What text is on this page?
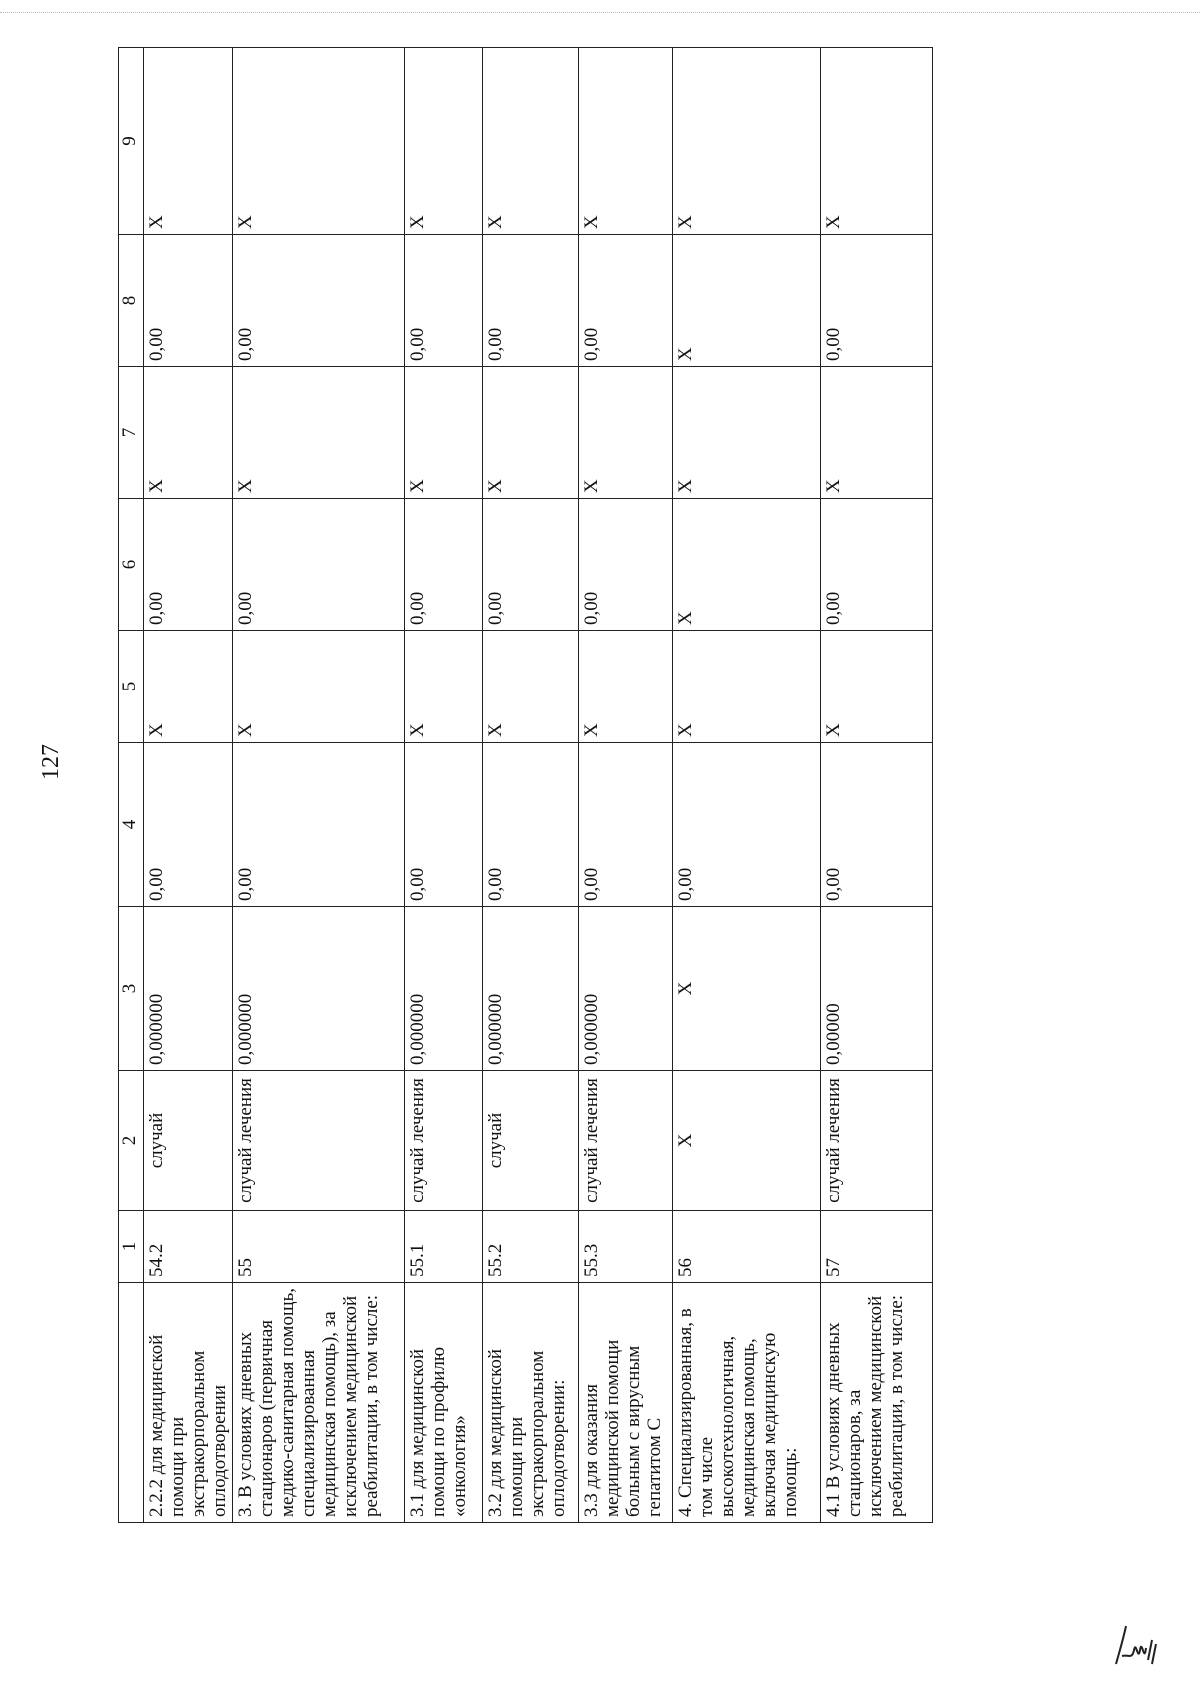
127
	1	2	3	4	5	6	7	8	9
2.2.2 для медицинской помощи при экстракорпоральном оплодотворении	54.2	случай	0,000000	0,00	X	0,00	X	0,00	X
3. В условиях дневных стационаров (первичная медико-санитарная помощь, специализированная медицинская помощь), за исключением медицинской реабилитации, в том числе:	55	случай лечения	0,000000	0,00	X	0,00	X	0,00	X
3.1 для медицинской помощи по профилю «онкология»	55.1	случай лечения	0,000000	0,00	X	0,00	X	0,00	X
3.2 для медицинской помощи при экстракорпоральном оплодотворении:	55.2	случай	0,000000	0,00	X	0,00	X	0,00	X
3.3 для оказания медицинской помощи больным с вирусным гепатитом С	55.3	случай лечения	0,000000	0,00	X	0,00	X	0,00	X
4. Специализированная, в том числе высокотехнологичная, медицинская помощь, включая медицинскую помощь:	56	X	X	0,00	X	X	X	X	X
4.1 В условиях дневных стационаров, за исключением медицинской реабилитации, в том числе:	57	случай лечения	0,00000	0,00	X	0,00	X	0,00	X
